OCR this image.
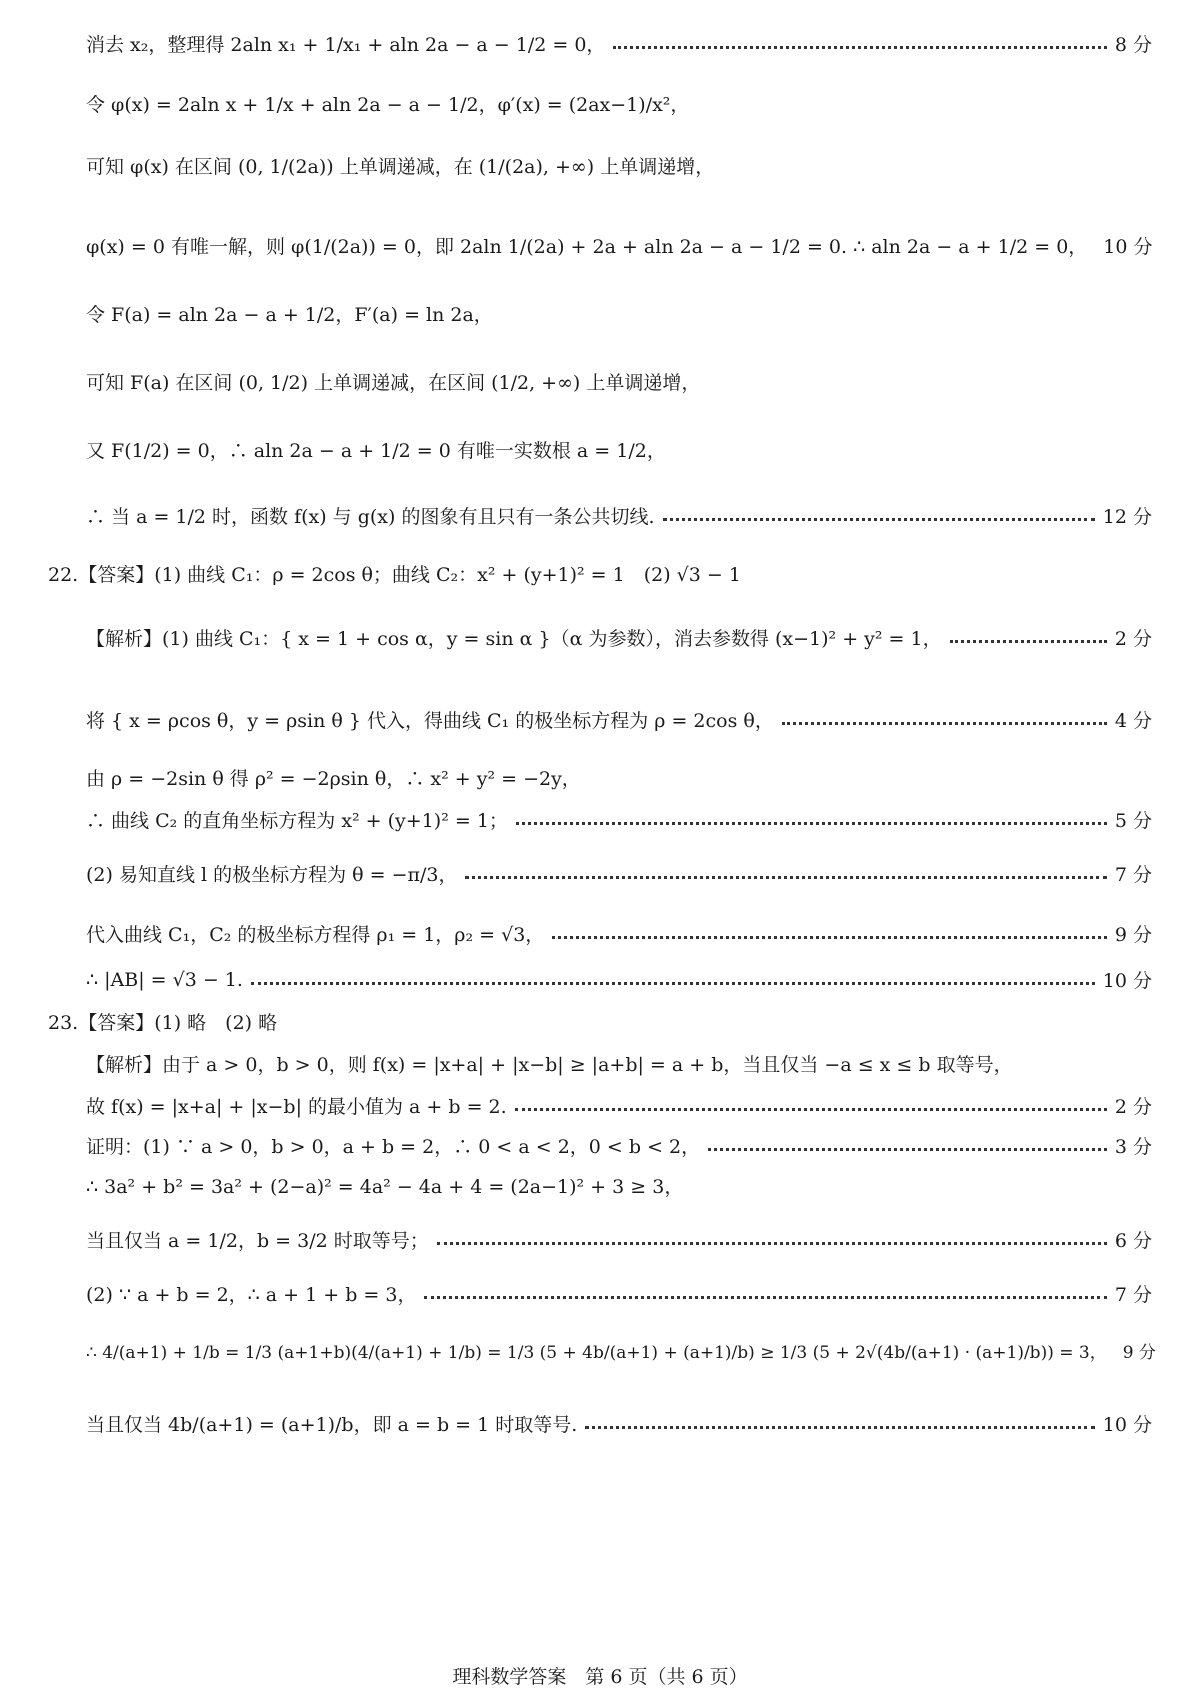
消去 x₂，整理得 2aln x₁ + 1/x₁ + aln 2a − a − 1/2 = 0，	8 分
令 φ(x) = 2aln x + 1/x + aln 2a − a − 1/2，φ′(x) = (2ax−1)/x²，
可知 φ(x) 在区间 (0, 1/(2a)) 上单调递减，在 (1/(2a), +∞) 上单调递增，
φ(x) = 0 有唯一解，则 φ(1/(2a)) = 0，即 2aln 1/(2a) + 2a + aln 2a − a − 1/2 = 0. ∴ aln 2a − a + 1/2 = 0， 10 分
令 F(a) = aln 2a − a + 1/2，F′(a) = ln 2a，
可知 F(a) 在区间 (0, 1/2) 上单调递减，在区间 (1/2, +∞) 上单调递增，
又 F(1/2) = 0，∴ aln 2a − a + 1/2 = 0 有唯一实数根 a = 1/2，
∴ 当 a = 1/2 时，函数 f(x) 与 g(x) 的图象有且只有一条公共切线.	12 分
22.【答案】(1) 曲线 C₁：ρ = 2cos θ；曲线 C₂：x² + (y+1)² = 1　(2) √3 − 1
【解析】(1) 曲线 C₁：{ x = 1 + cos α，y = sin α }（α 为参数），消去参数得 (x−1)² + y² = 1，	2 分
将 { x = ρcos θ，y = ρsin θ } 代入，得曲线 C₁ 的极坐标方程为 ρ = 2cos θ，	4 分
由 ρ = −2sin θ 得 ρ² = −2ρsin θ，∴ x² + y² = −2y，
∴ 曲线 C₂ 的直角坐标方程为 x² + (y+1)² = 1；	5 分
(2) 易知直线 l 的极坐标方程为 θ = −π/3，	7 分
代入曲线 C₁，C₂ 的极坐标方程得 ρ₁ = 1，ρ₂ = √3，	9 分
∴ |AB| = √3 − 1.	10 分
23.【答案】(1) 略　(2) 略
【解析】由于 a > 0，b > 0，则 f(x) = |x+a| + |x−b| ≥ |a+b| = a + b，当且仅当 −a ≤ x ≤ b 取等号，
故 f(x) = |x+a| + |x−b| 的最小值为 a + b = 2.	2 分
证明：(1) ∵ a > 0，b > 0，a + b = 2，∴ 0 < a < 2，0 < b < 2，	3 分
∴ 3a² + b² = 3a² + (2−a)² = 4a² − 4a + 4 = (2a−1)² + 3 ≥ 3，
当且仅当 a = 1/2，b = 3/2 时取等号；	6 分
(2) ∵ a + b = 2，∴ a + 1 + b = 3，	7 分
∴ 4/(a+1) + 1/b = 1/3 (a+1+b)(4/(a+1) + 1/b) = 1/3 (5 + 4b/(a+1) + (a+1)/b) ≥ 1/3 (5 + 2√(4b/(a+1) · (a+1)/b)) = 3， 9 分
当且仅当 4b/(a+1) = (a+1)/b，即 a = b = 1 时取等号.	10 分
理科数学答案　第 6 页（共 6 页）
